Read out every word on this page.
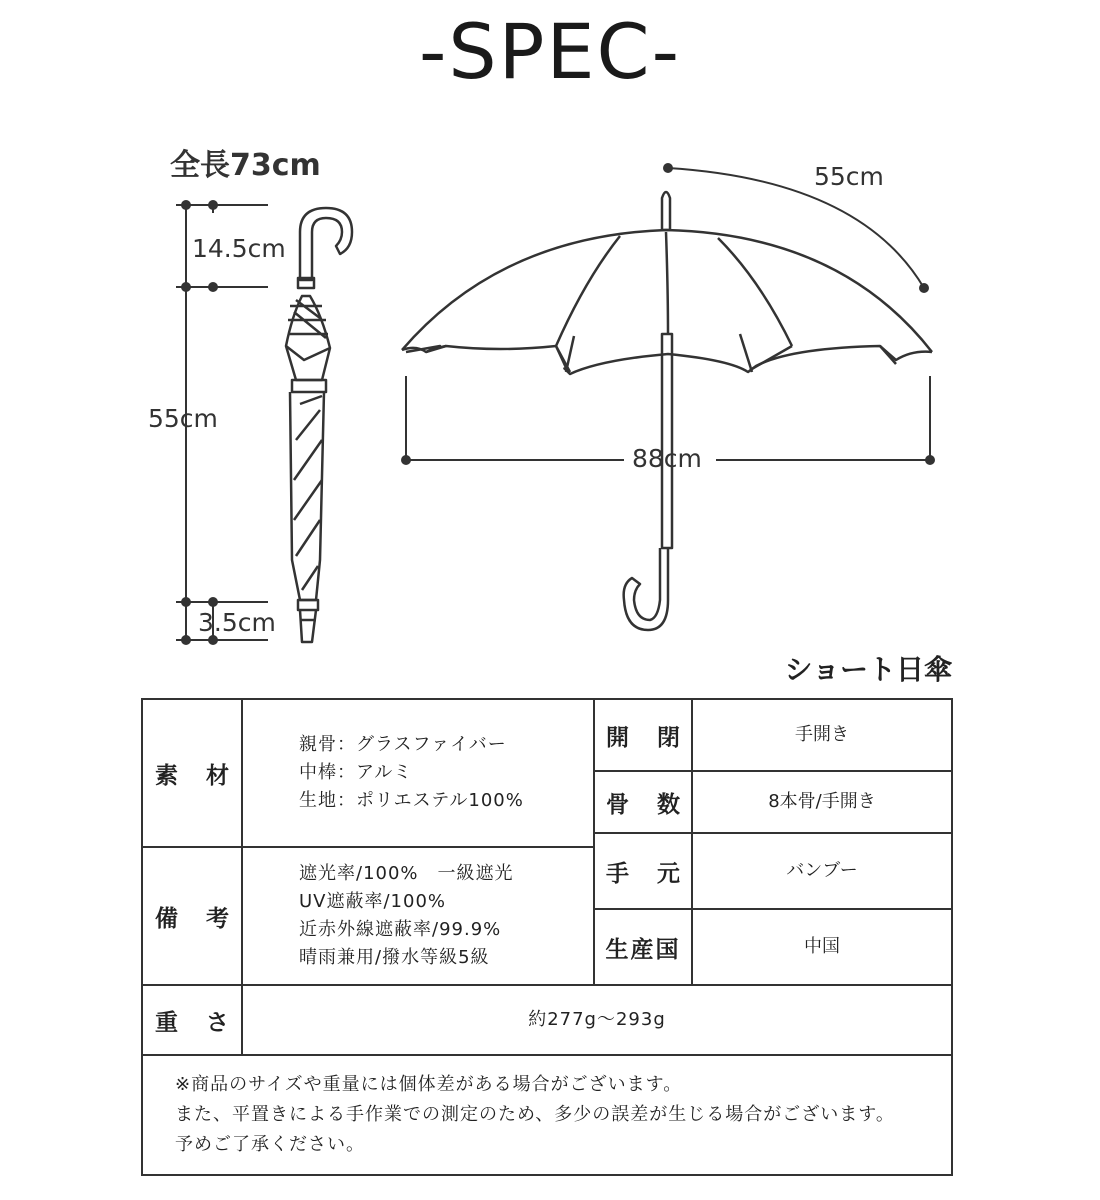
-SPEC-
全長73cm
14.5cm
55cm
3.5cm
55cm
88cm
ショート日傘
素 材
親骨：グラスファイバー
中棒：アルミ
生地：ポリエステル100%
開 閉	手開き
骨 数	8本骨/手開き
手 元	バンブー
生産国	中国
備 考
遮光率/100%　一級遮光
UV遮蔽率/100%
近赤外線遮蔽率/99.9%
晴雨兼用/撥水等級5級
重 さ	約277g～293g
※商品のサイズや重量には個体差がある場合がございます。
また、平置きによる手作業での測定のため、多少の誤差が生じる場合がございます。
予めご了承ください。
